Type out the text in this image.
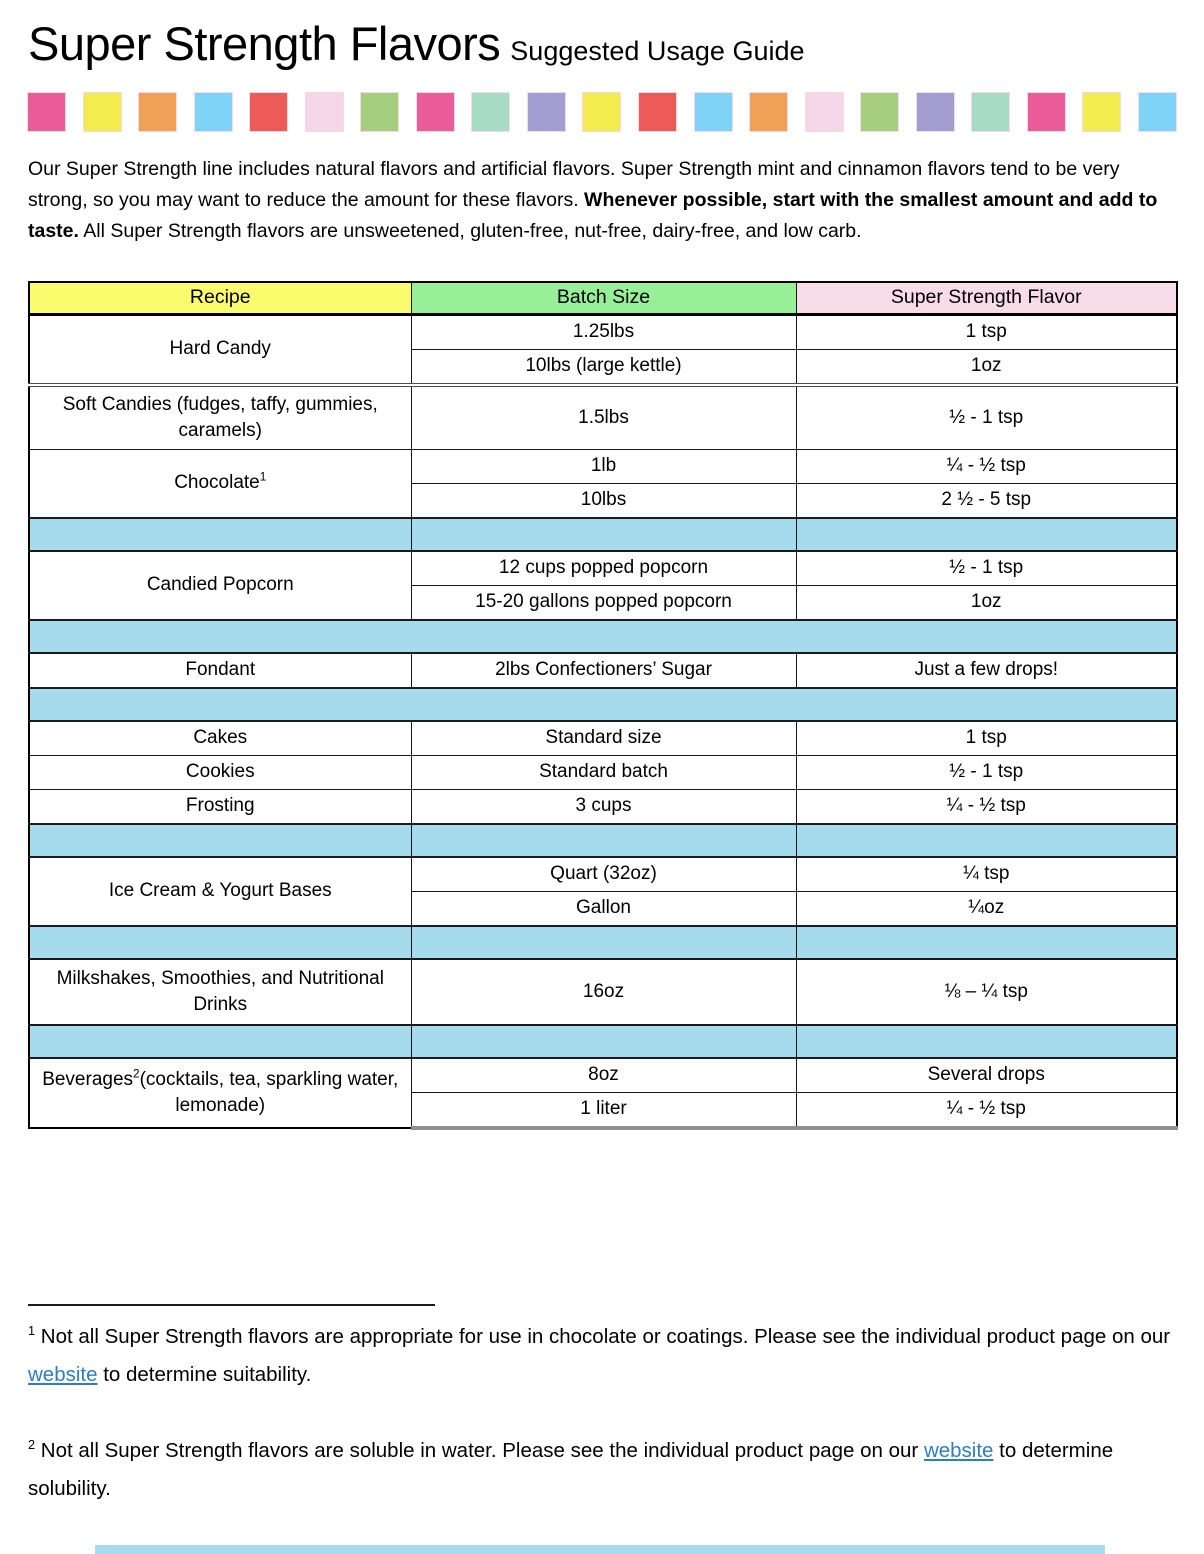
Super Strength Flavors Suggested Usage Guide

Our Super Strength line includes natural flavors and artificial flavors. Super Strength mint and cinnamon flavors tend to be very strong, so you may want to reduce the amount for these flavors. Whenever possible, start with the smallest amount and add to taste. All Super Strength flavors are unsweetened, gluten-free, nut-free, dairy-free, and low carb.

Recipe	Batch Size	Super Strength Flavor
Hard Candy	1.25lbs	1 tsp
	10lbs (large kettle)	1oz
Soft Candies (fudges, taffy, gummies, caramels)	1.5lbs	½ - 1 tsp
Chocolate$^1$	1lb	¼ - ½ tsp
	10lbs	2 ½ - 5 tsp

Candied Popcorn	12 cups popped popcorn	½ - 1 tsp
	15-20 gallons popped popcorn	1oz

Fondant	2lbs Confectioners’ Sugar	Just a few drops!

Cakes	Standard size	1 tsp
Cookies	Standard batch	½ - 1 tsp
Frosting	3 cups	¼ - ½ tsp

Ice Cream & Yogurt Bases	Quart (32oz)	¼ tsp
	Gallon	¼oz

Milkshakes, Smoothies, and Nutritional Drinks	16oz	⅛ – ¼ tsp

Beverages$^2$(cocktails, tea, sparkling water, lemonade)	8oz	Several drops
	1 liter	¼ - ½ tsp

$^1$ Not all Super Strength flavors are appropriate for use in chocolate or coatings. Please see the individual product page on our website to determine suitability.

$^2$ Not all Super Strength flavors are soluble in water. Please see the individual product page on our website to determine solubility.
